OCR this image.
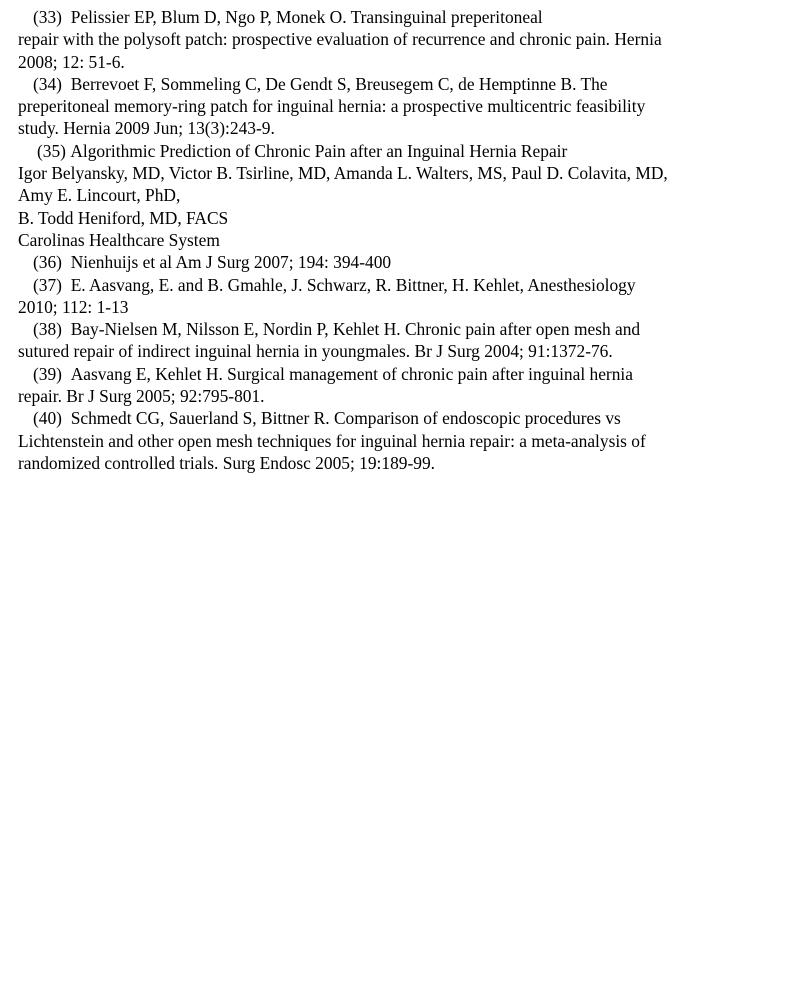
(33) Pelissier EP, Blum D, Ngo P, Monek O. Transinguinal preperitoneal
repair with the polysoft patch: prospective evaluation of recurrence and chronic pain. Hernia
2008; 12: 51-6.
(34) Berrevoet F, Sommeling C, De Gendt S, Breusegem C, de Hemptinne B. The
preperitoneal memory-ring patch for inguinal hernia: a prospective multicentric feasibility
study. Hernia 2009 Jun; 13(3):243-9.
(35) Algorithmic Prediction of Chronic Pain after an Inguinal Hernia Repair
Igor Belyansky, MD, Victor B. Tsirline, MD, Amanda L. Walters, MS, Paul D. Colavita, MD,
Amy E. Lincourt, PhD,
B. Todd Heniford, MD, FACS
Carolinas Healthcare System
(36) Nienhuijs et al Am J Surg 2007; 194: 394-400
(37) E. Aasvang, E. and B. Gmahle, J. Schwarz, R. Bittner, H. Kehlet, Anesthesiology
2010; 112: 1-13
(38) Bay-Nielsen M, Nilsson E, Nordin P, Kehlet H. Chronic pain after open mesh and
sutured repair of indirect inguinal hernia in youngmales. Br J Surg 2004; 91:1372-76.
(39) Aasvang E, Kehlet H. Surgical management of chronic pain after inguinal hernia
repair. Br J Surg 2005; 92:795-801.
(40) Schmedt CG, Sauerland S, Bittner R. Comparison of endoscopic procedures vs
Lichtenstein and other open mesh techniques for inguinal hernia repair: a meta-analysis of
randomized controlled trials. Surg Endosc 2005; 19:189-99.
